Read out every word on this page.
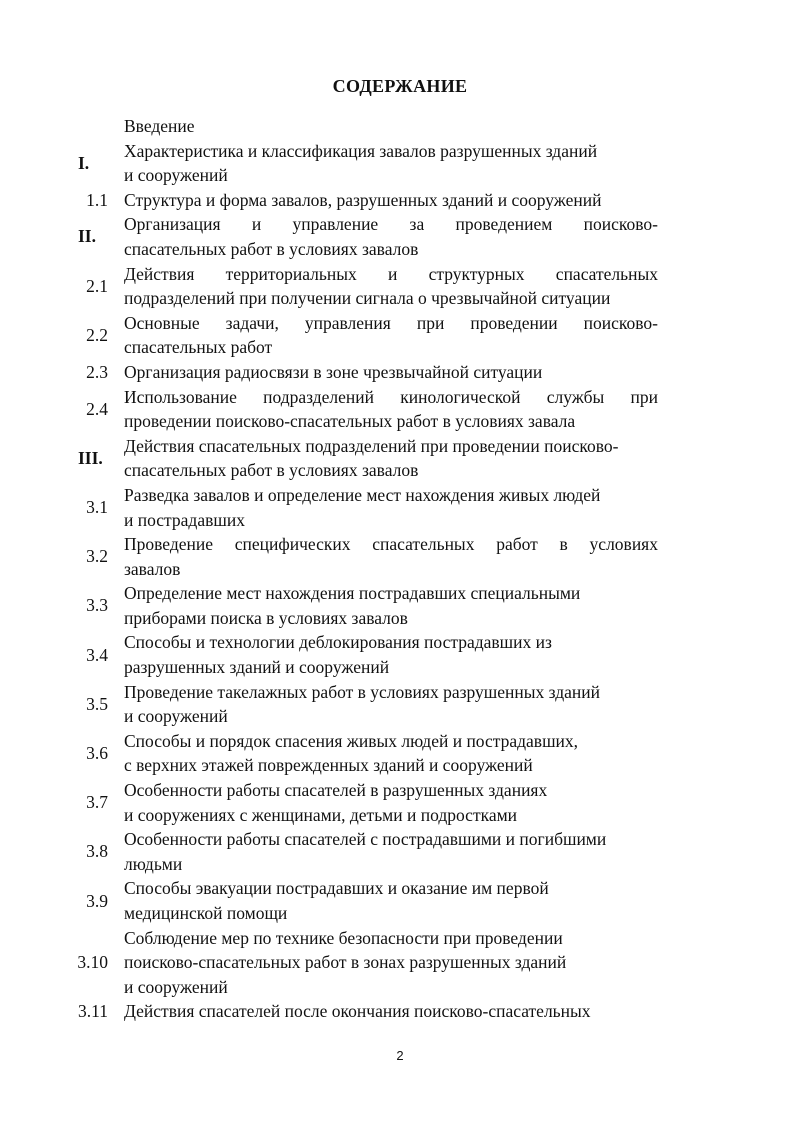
СОДЕРЖАНИЕ
Введение
I.
Характеристика и классификация завалов разрушенных зданий
и сооружений
1.1 Структура и форма завалов, разрушенных зданий и сооружений
II.
Организация и управление за проведением поисково-
спасательных работ в условиях завалов
2.1
Действия территориальных и структурных спасательных
подразделений при получении сигнала о чрезвычайной ситуации
2.2
Основные задачи, управления при проведении поисково-
спасательных работ
2.3 Организация радиосвязи в зоне чрезвычайной ситуации
2.4
Использование подразделений кинологической службы при
проведении поисково-спасательных работ в условиях завала
III.
Действия спасательных подразделений при проведении поисково-
спасательных работ в условиях завалов
3.1
Разведка завалов и определение мест нахождения живых людей
и пострадавших
3.2
Проведение специфических спасательных работ в условиях
завалов
3.3
Определение мест нахождения пострадавших специальными
приборами поиска в условиях завалов
3.4
Способы и технологии деблокирования пострадавших из
разрушенных зданий и сооружений
3.5
Проведение такелажных работ в условиях разрушенных зданий
и сооружений
3.6
Способы и порядок спасения живых людей и пострадавших,
с верхних этажей поврежденных зданий и сооружений
3.7
Особенности работы спасателей в разрушенных зданиях
и сооружениях с женщинами, детьми и подростками
3.8
Особенности работы спасателей с пострадавшими и погибшими
людьми
3.9
Способы эвакуации пострадавших и оказание им первой
медицинской помощи
3.10
Соблюдение мер по технике безопасности при проведении
поисково-спасательных работ в зонах разрушенных зданий
и сооружений
3.11 Действия спасателей после окончания поисково-спасательных
2
